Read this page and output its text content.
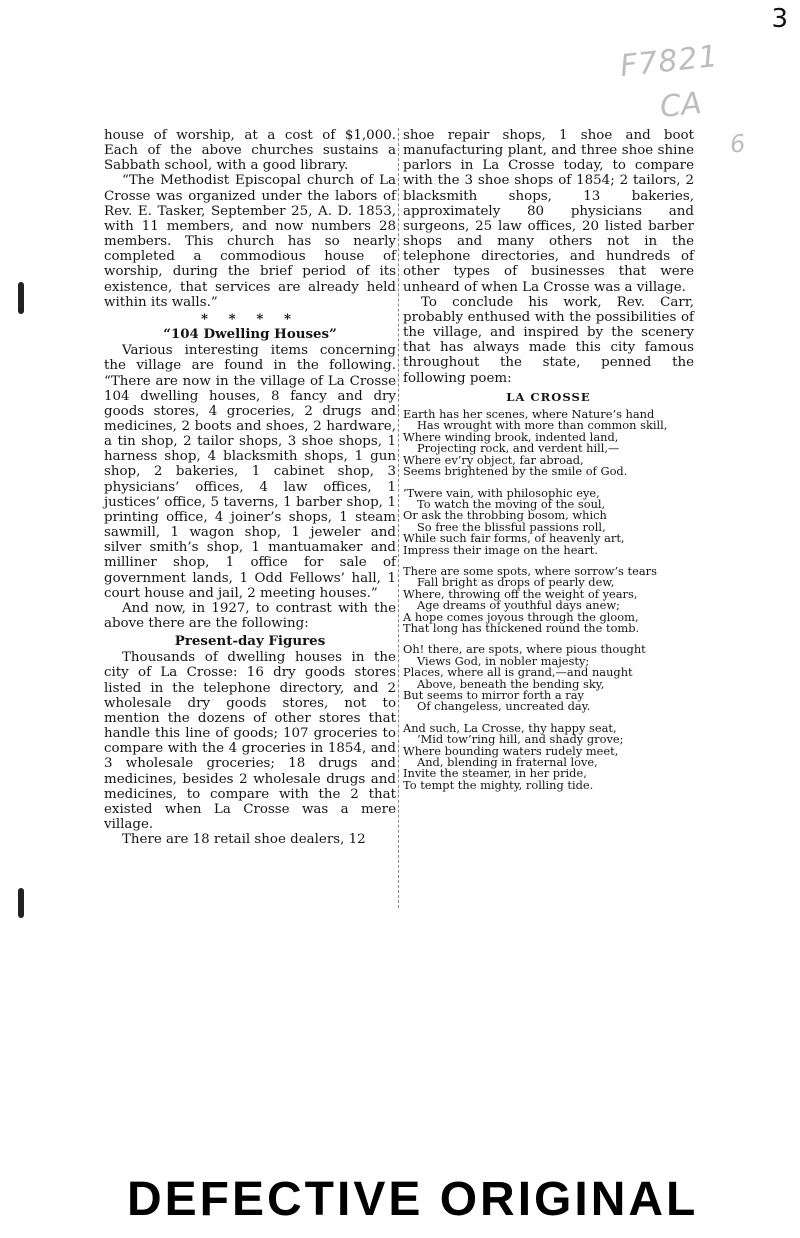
3
F7821
CA
6

house of worship, at a cost of $1,000. Each of the above churches sustains a Sabbath school, with a good library.

“The Methodist Episcopal church of La Crosse was organized under the labors of Rev. E. Tasker, September 25, A. D. 1853, with 11 members, and now numbers 28 members. This church has so nearly completed a commodious house of worship, during the brief period of its existence, that services are already held within its walls.”

* * * *
“104 Dwelling Houses”

Various interesting items concerning the village are found in the following. “There are now in the village of La Crosse 104 dwelling houses, 8 fancy and dry goods stores, 4 groceries, 2 drugs and medicines, 2 boots and shoes, 2 hardware, a tin shop, 2 tailor shops, 3 shoe shops, 1 harness shop, 4 blacksmith shops, 1 gun shop, 2 bakeries, 1 cabinet shop, 3 physicians’ offices, 4 law offices, 1 justices’ office, 5 taverns, 1 barber shop, 1 printing office, 4 joiner’s shops, 1 steam sawmill, 1 wagon shop, 1 jeweler and silver smith’s shop, 1 mantuamaker and milliner shop, 1 office for sale of government lands, 1 Odd Fellows’ hall, 1 court house and jail, 2 meeting houses.”

And now, in 1927, to contrast with the above there are the following:

Present-day Figures

Thousands of dwelling houses in the city of La Crosse: 16 dry goods stores listed in the telephone directory, and 2 wholesale dry goods stores, not to mention the dozens of other stores that handle this line of goods; 107 groceries to compare with the 4 groceries in 1854, and 3 wholesale groceries; 18 drugs and medicines, besides 2 wholesale drugs and medicines, to compare with the 2 that existed when La Crosse was a mere village.

There are 18 retail shoe dealers, 12

shoe repair shops, 1 shoe and boot manufacturing plant, and three shoe shine parlors in La Crosse today, to compare with the 3 shoe shops of 1854; 2 tailors, 2 blacksmith shops, 13 bakeries, approximately 80 physicians and surgeons, 25 law offices, 20 listed barber shops and many others not in the telephone directories, and hundreds of other types of businesses that were unheard of when La Crosse was a village.

To conclude his work, Rev. Carr, probably enthused with the possibilities of the village, and inspired by the scenery that has always made this city famous throughout the state, penned the following poem:

LA CROSSE
Earth has her scenes, where Nature’s hand
Has wrought with more than common skill,
Where winding brook, indented land,
Projecting rock, and verdent hill,—
Where ev’ry object, far abroad,
Seems brightened by the smile of God.
’Twere vain, with philosophic eye,
To watch the moving of the soul,
Or ask the throbbing bosom, which
So free the blissful passions roll,
While such fair forms, of heavenly art,
Impress their image on the heart.
There are some spots, where sorrow’s tears
Fall bright as drops of pearly dew,
Where, throwing off the weight of years,
Age dreams of youthful days anew;
A hope comes joyous through the gloom,
That long has thickened round the tomb.
Oh! there, are spots, where pious thought
Views God, in nobler majesty;
Places, where all is grand,—and naught
Above, beneath the bending sky,
But seems to mirror forth a ray
Of changeless, uncreated day.
And such, La Crosse, thy happy seat,
’Mid tow’ring hill, and shady grove;
Where bounding waters rudely meet,
And, blending in fraternal love,
Invite the steamer, in her pride,
To tempt the mighty, rolling tide.
DEFECTIVE ORIGINAL
